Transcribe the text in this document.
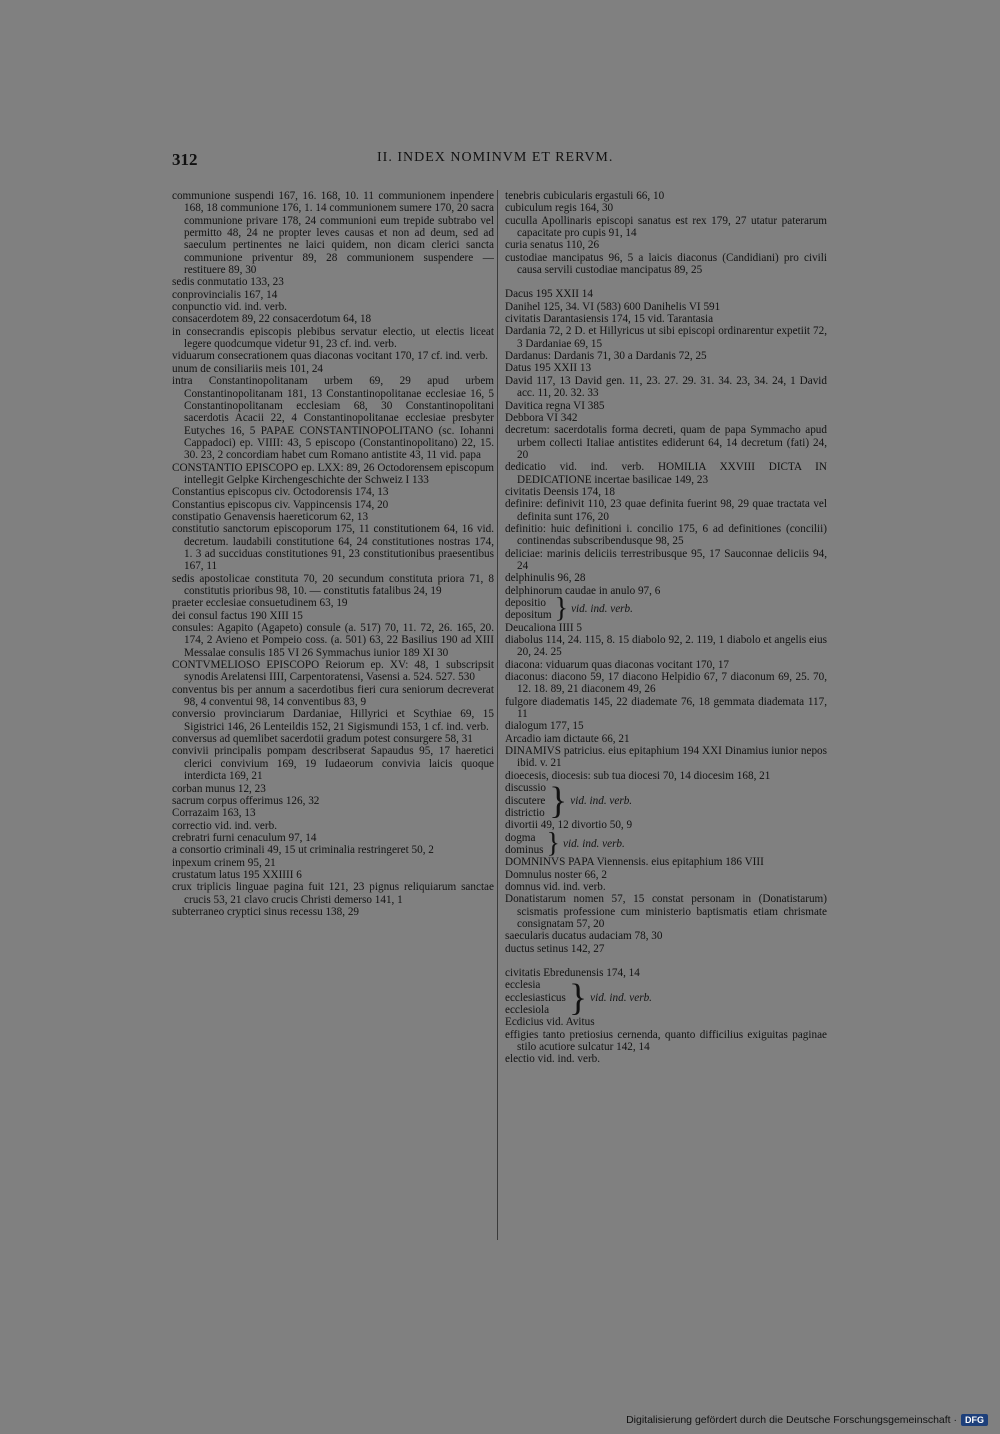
312	II. INDEX NOMINVM ET RERVM.
communione suspendi 167, 16. 168, 10. 11 communionem inpendere 168, 18 communione 176, 1. 14 communionem sumere 170, 20 sacra communione privare 178, 24 communioni eum trepide subtrabo vel permitto 48, 24 ne propter leves causas et non ad deum, sed ad saeculum pertinentes ne laici quidem, non dicam clerici sancta communione priventur 89, 28 communionem suspendere — restituere 89, 30
sedis conmutatio 133, 23
conprovincialis 167, 14
conpunctio vid. ind. verb.
consacerdotem 89, 22 consacerdotum 64, 18
in consecrandis episcopis plebibus servatur electio, ut electis liceat legere quodcumque videtur 91, 23 cf. ind. verb.
viduarum consecrationem quas diaconas vocitant 170, 17 cf. ind. verb.
unum de consiliariis meis 101, 24
intra Constantinopolitanam urbem 69, 29 apud urbem Constantinopolitanam 181, 13 Constantinopolitanae ecclesiae 16, 5 Constantinopolitanam ecclesiam 68, 30 Constantinopolitani sacerdotis Acacii 22, 4 Constantinopolitanae ecclesiae presbyter Eutyches 16, 5 PAPAE CONSTANTINOPOLITANO (sc. Iohanni Cappadoci) ep. VIIII: 43, 5 episcopo (Constantinopolitano) 22, 15. 30. 23, 2 concordiam habet cum Romano antistite 43, 11 vid. papa
CONSTANTIO EPISCOPO ep. LXX: 89, 26 Octodorensem episcopum intellegit Gelpke Kirchengeschichte der Schweiz I 133
Constantius episcopus civ. Octodorensis 174, 13
Constantius episcopus civ. Vappincensis 174, 20
constipatio Genavensis haereticorum 62, 13
constitutio sanctorum episcoporum 175, 11 constitutionem 64, 16 vid. decretum. laudabili constitutione 64, 24 constitutiones nostras 174, 1. 3 ad succiduas constitutiones 91, 23 constitutionibus praesentibus 167, 11
sedis apostolicae constituta 70, 20 secundum constituta priora 71, 8 constitutis prioribus 98, 10. — constitutis fatalibus 24, 19
praeter ecclesiae consuetudinem 63, 19
dei consul factus 190 XIII 15
consules: Agapito (Agapeto) consule (a. 517) 70, 11. 72, 26. 165, 20. 174, 2 Avieno et Pompeio coss. (a. 501) 63, 22 Basilius 190 ad XIII Messalae consulis 185 VI 26 Symmachus iunior 189 XI 30
CONTVMELIOSO EPISCOPO Reiorum ep. XV: 48, 1 subscripsit synodis Arelatensi IIII, Carpentoratensi, Vasensi a. 524. 527. 530
conventus bis per annum a sacerdotibus fieri cura seniorum decreverat 98, 4 conventui 98, 14 conventibus 83, 9
conversio provinciarum Dardaniae, Hillyrici et Scythiae 69, 15 Sigistrici 146, 26 Lenteildis 152, 21 Sigismundi 153, 1 cf. ind. verb.
conversus ad quemlibet sacerdotii gradum potest consurgere 58, 31
convivii principalis pompam describserat Sapaudus 95, 17 haeretici clerici convivium 169, 19 Iudaeorum convivia laicis quoque interdicta 169, 21
corban munus 12, 23
sacrum corpus offerimus 126, 32
Corrazaim 163, 13
correctio vid. ind. verb.
crebratri furni cenaculum 97, 14
a consortio criminali 49, 15 ut criminalia restringeret 50, 2
inpexum crinem 95, 21
crustatum latus 195 XXIIII 6
crux triplicis linguae pagina fuit 121, 23 pignus reliquiarum sanctae crucis 53, 21 clavo crucis Christi demerso 141, 1
subterraneo cryptici sinus recessu 138, 29
tenebris cubicularis ergastuli 66, 10
cubiculum regis 164, 30
cuculla Apollinaris episcopi sanatus est rex 179, 27 utatur paterarum capacitate pro cupis 91, 14
curia senatus 110, 26
custodiae mancipatus 96, 5 a laicis diaconus (Candidiani) pro civili causa servili custodiae mancipatus 89, 25
Dacus 195 XXII 14
Danihel 125, 34. VI (583) 600 Danihelis VI 591
civitatis Darantasiensis 174, 15 vid. Tarantasia
Dardania 72, 2 D. et Hillyricus ut sibi episcopi ordinarentur expetiit 72, 3 Dardaniae 69, 15
Dardanus: Dardanis 71, 30 a Dardanis 72, 25
Datus 195 XXII 13
David 117, 13 David gen. 11, 23. 27. 29. 31. 34. 23, 34. 24, 1 David acc. 11, 20. 32. 33
Davitica regna VI 385
Debbora VI 342
decretum: sacerdotalis forma decreti, quam de papa Symmacho apud urbem collecti Italiae antistites ediderunt 64, 14 decretum (fati) 24, 20
dedicatio vid. ind. verb. HOMILIA XXVIII DICTA IN DEDICATIONE incertae basilicae 149, 23
civitatis Deensis 174, 18
definire: definivit 110, 23 quae definita fuerint 98, 29 quae tractata vel definita sunt 176, 20
definitio: huic definitioni i. concilio 175, 6 ad definitiones (concilii) continendas subscribendusque 98, 25
deliciae: marinis deliciis terrestribusque 95, 17 Sauconnae deliciis 94, 24
delphinulis 96, 28
delphinorum caudae in anulo 97, 6
depositio
depositum } vid. ind. verb.
Deucaliona IIII 5
diabolus 114, 24. 115, 8. 15 diabolo 92, 2. 119, 1 diabolo et angelis eius 20, 24. 25
diacona: viduarum quas diaconas vocitant 170, 17
diaconus: diacono 59, 17 diacono Helpidio 67, 7 diaconum 69, 25. 70, 12. 18. 89, 21 diaconem 49, 26
fulgore diadematis 145, 22 diademate 76, 18 gemmata diademata 117, 11
dialogum 177, 15
Arcadio iam dictaute 66, 21
DINAMIVS patricius. eius epitaphium 194 XXI Dinamius iunior nepos ibid. v. 21
dioecesis, diocesis: sub tua diocesi 70, 14 diocesim 168, 21
discussio
discutere
districtio } vid. ind. verb.
divortii 49, 12 divortio 50, 9
dogma
dominus } vid. ind. verb.
DOMNINVS PAPA Viennensis. eius epitaphium 186 VIII
Domnulus noster 66, 2
domnus vid. ind. verb.
Donatistarum nomen 57, 15 constat personam in (Donatistarum) scismatis professione cum ministerio baptismatis etiam chrismate consignatam 57, 20
saecularis ducatus audaciam 78, 30
ductus setinus 142, 27
civitatis Ebredunensis 174, 14
ecclesia
ecclesiasticus
ecclesiola } vid. ind. verb.
Ecdicius vid. Avitus
effigies tanto pretiosius cernenda, quanto difficilius exiguitas paginae stilo acutiore sulcatur 142, 14
electio vid. ind. verb.
Digitalisierung gefördert durch die Deutsche Forschungsgemeinschaft · DFG
